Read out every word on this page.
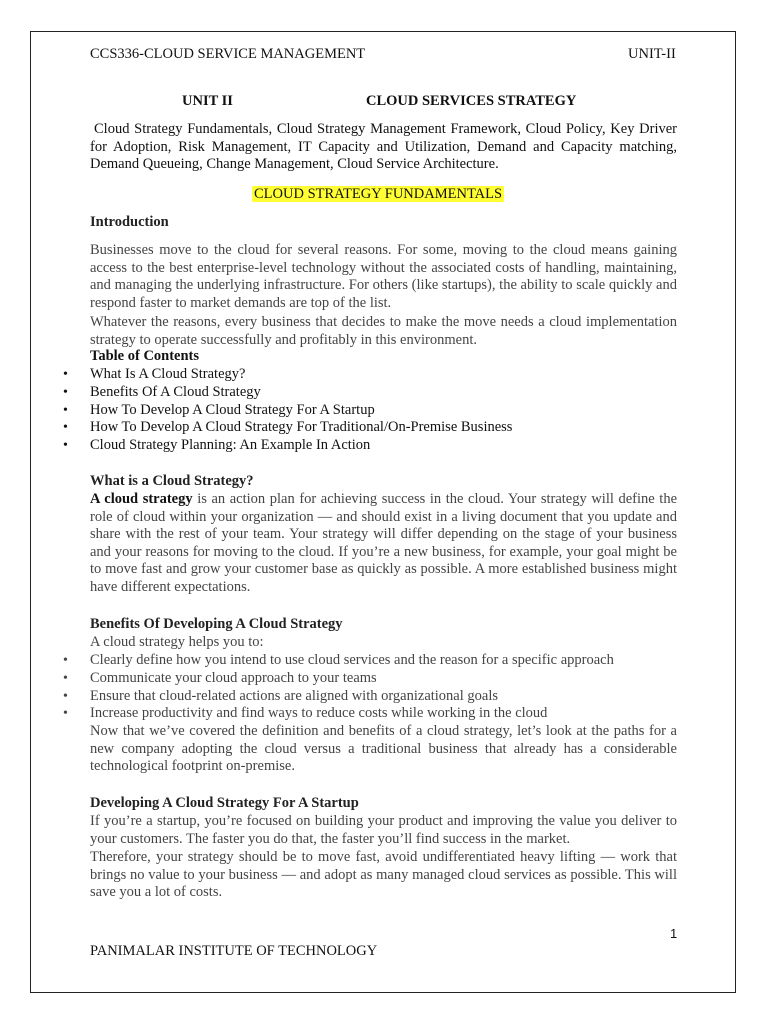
CCS336-CLOUD SERVICE MANAGEMENT	UNIT-II
UNIT II	CLOUD SERVICES STRATEGY
Cloud Strategy Fundamentals, Cloud Strategy Management Framework, Cloud Policy, Key Driver for Adoption, Risk Management, IT Capacity and Utilization, Demand and Capacity matching, Demand Queueing, Change Management, Cloud Service Architecture.
CLOUD STRATEGY FUNDAMENTALS
Introduction
Businesses move to the cloud for several reasons. For some, moving to the cloud means gaining access to the best enterprise-level technology without the associated costs of handling, maintaining, and managing the underlying infrastructure. For others (like startups), the ability to scale quickly and respond faster to market demands are top of the list.
Whatever the reasons, every business that decides to make the move needs a cloud implementation strategy to operate successfully and profitably in this environment.
Table of Contents
• What Is A Cloud Strategy?
• Benefits Of A Cloud Strategy
• How To Develop A Cloud Strategy For A Startup
• How To Develop A Cloud Strategy For Traditional/On-Premise Business
• Cloud Strategy Planning: An Example In Action
What is a Cloud Strategy?
A cloud strategy is an action plan for achieving success in the cloud. Your strategy will define the role of cloud within your organization — and should exist in a living document that you update and share with the rest of your team. Your strategy will differ depending on the stage of your business and your reasons for moving to the cloud. If you’re a new business, for example, your goal might be to move fast and grow your customer base as quickly as possible. A more established business might have different expectations.
Benefits Of Developing A Cloud Strategy
A cloud strategy helps you to:
• Clearly define how you intend to use cloud services and the reason for a specific approach
• Communicate your cloud approach to your teams
• Ensure that cloud-related actions are aligned with organizational goals
• Increase productivity and find ways to reduce costs while working in the cloud
Now that we’ve covered the definition and benefits of a cloud strategy, let’s look at the paths for a new company adopting the cloud versus a traditional business that already has a considerable technological footprint on-premise.
Developing A Cloud Strategy For A Startup
If you’re a startup, you’re focused on building your product and improving the value you deliver to your customers. The faster you do that, the faster you’ll find success in the market.
Therefore, your strategy should be to move fast, avoid undifferentiated heavy lifting — work that brings no value to your business — and adopt as many managed cloud services as possible. This will save you a lot of costs.
1
PANIMALAR INSTITUTE OF TECHNOLOGY
